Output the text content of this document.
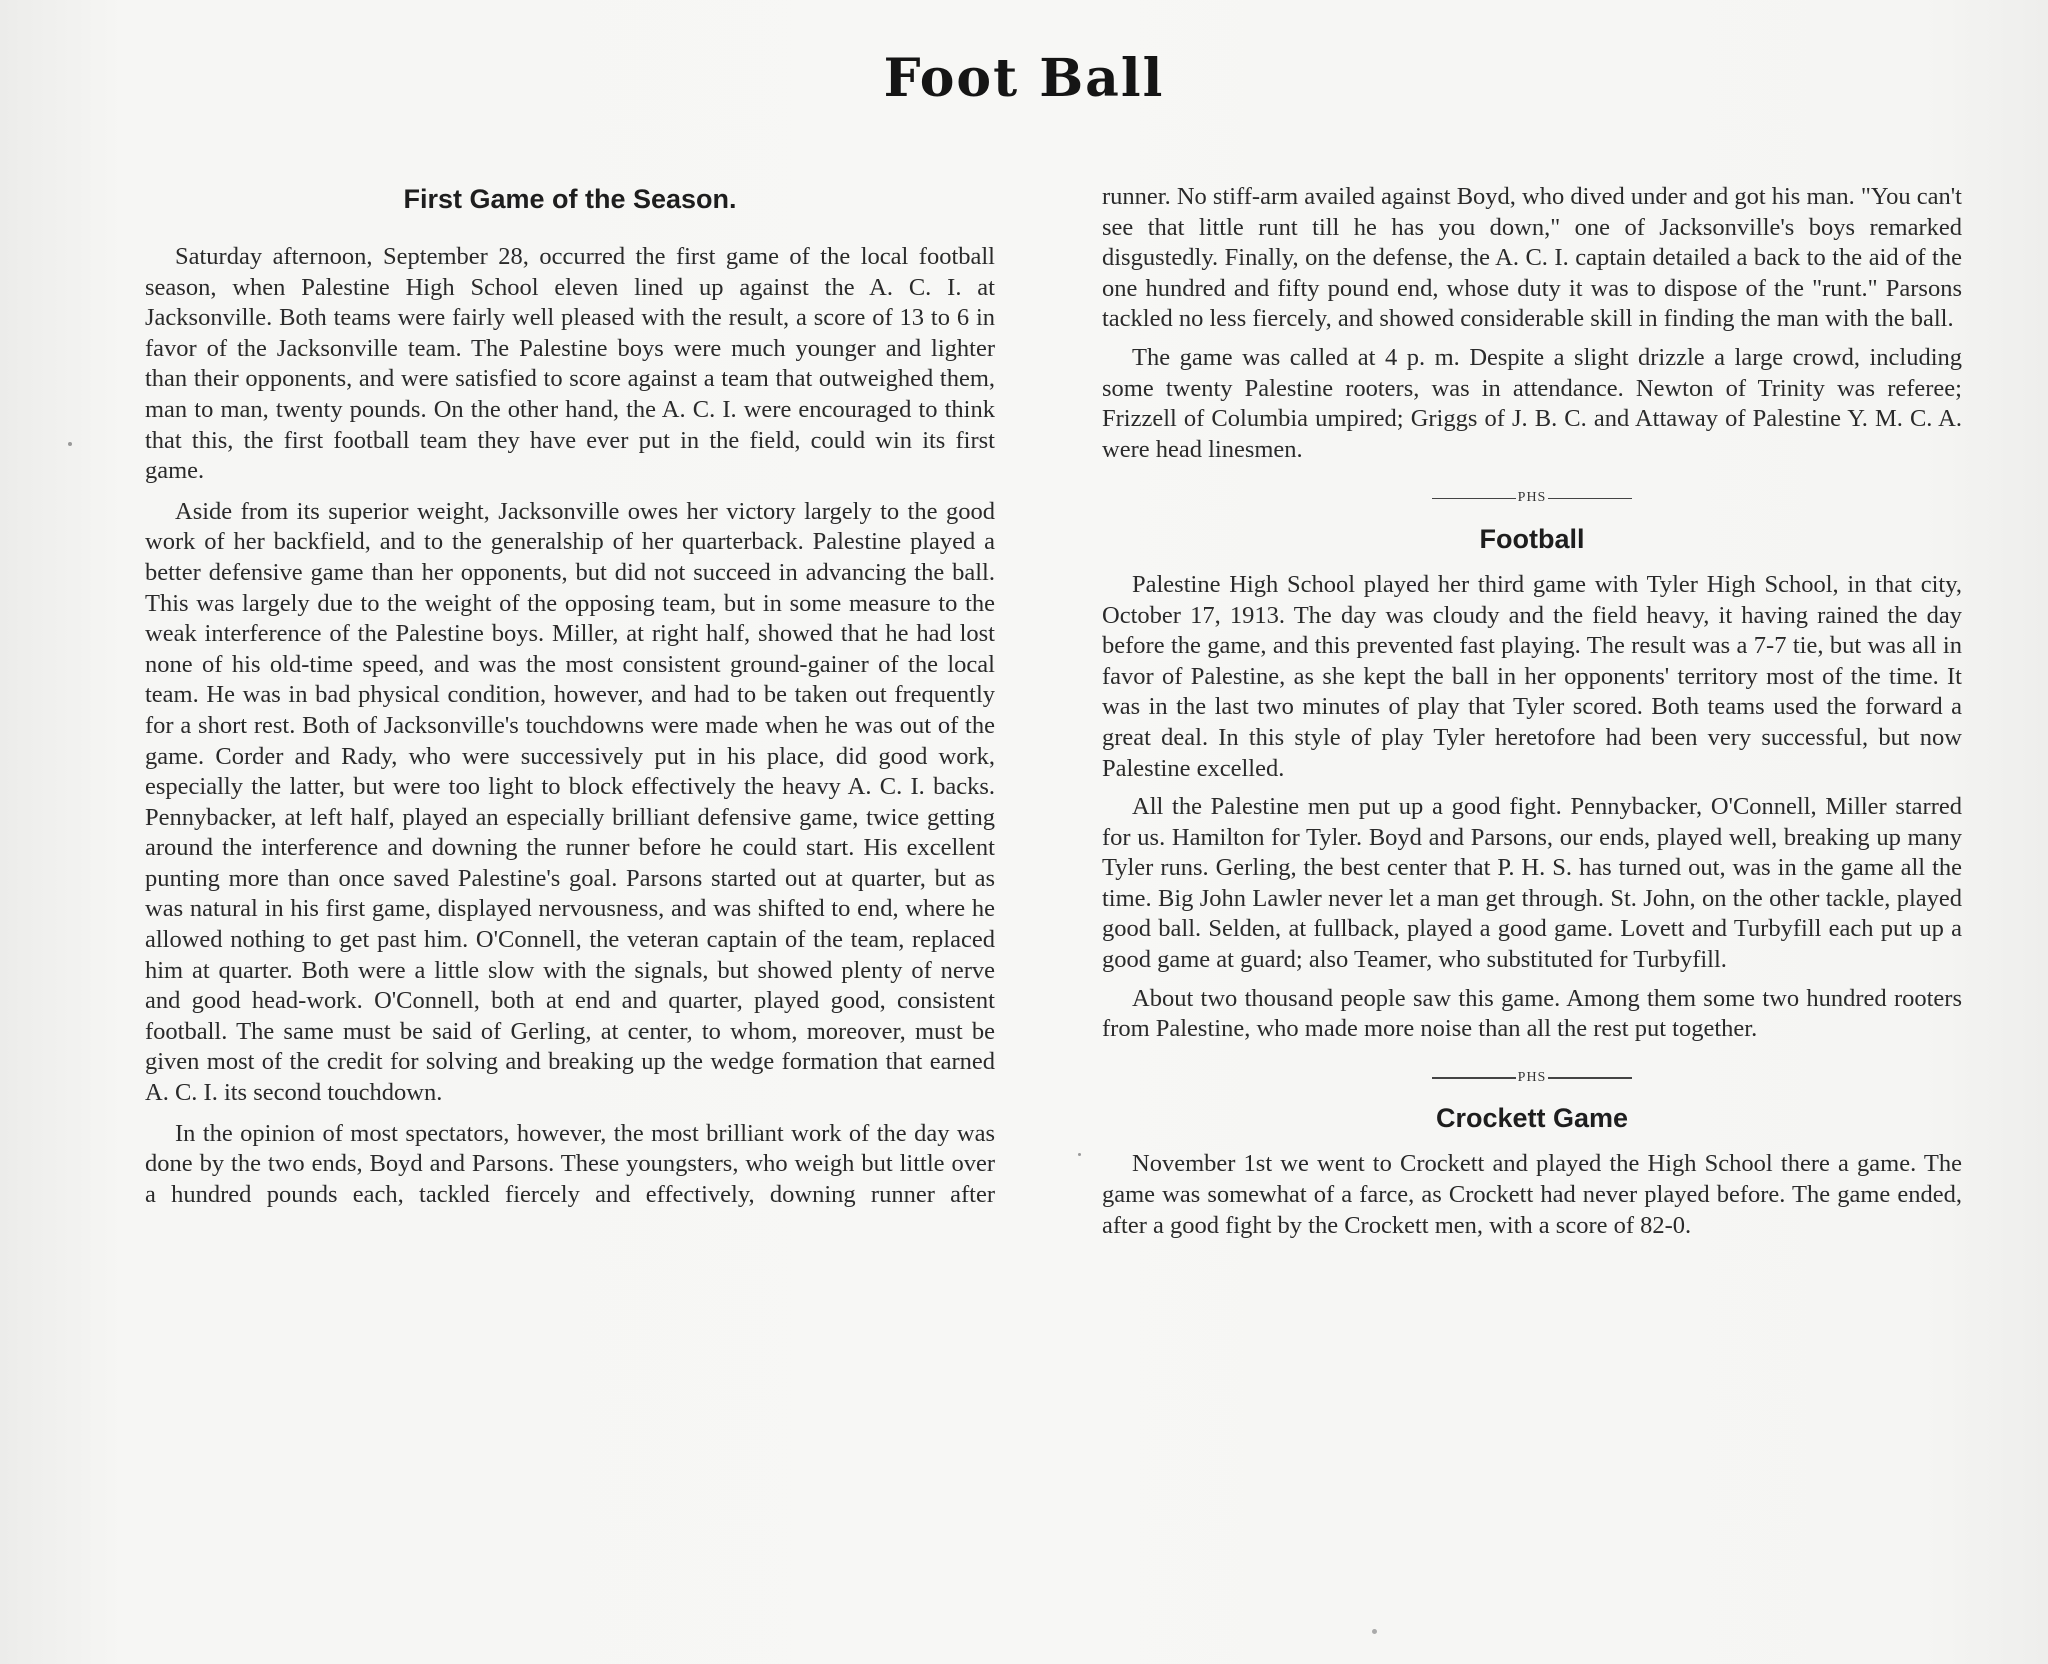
Foot Ball
First Game of the Season.

Saturday afternoon, September 28, occurred the first game of the local football season, when Palestine High School eleven lined up against the A. C. I. at Jacksonville. Both teams were fairly well pleased with the result, a score of 13 to 6 in favor of the Jacksonville team. The Palestine boys were much younger and lighter than their opponents, and were satisfied to score against a team that outweighed them, man to man, twenty pounds. On the other hand, the A. C. I. were encouraged to think that this, the first football team they have ever put in the field, could win its first game.

Aside from its superior weight, Jacksonville owes her victory largely to the good work of her backfield, and to the generalship of her quarterback. Palestine played a better defensive game than her opponents, but did not succeed in advancing the ball. This was largely due to the weight of the opposing team, but in some measure to the weak interference of the Palestine boys. Miller, at right half, showed that he had lost none of his old-time speed, and was the most consistent ground-gainer of the local team. He was in bad physical condition, however, and had to be taken out frequently for a short rest. Both of Jacksonville's touchdowns were made when he was out of the game. Corder and Rady, who were successively put in his place, did good work, especially the latter, but were too light to block effectively the heavy A. C. I. backs. Pennybacker, at left half, played an especially brilliant defensive game, twice getting around the interference and downing the runner before he could start. His excellent punting more than once saved Palestine's goal. Parsons started out at quarter, but as was natural in his first game, displayed nervousness, and was shifted to end, where he allowed nothing to get past him. O'Connell, the veteran captain of the team, replaced him at quarter. Both were a little slow with the signals, but showed plenty of nerve and good head-work. O'Connell, both at end and quarter, played good, consistent football. The same must be said of Gerling, at center, to whom, moreover, must be given most of the credit for solving and breaking up the wedge formation that earned A. C. I. its second touchdown.

In the opinion of most spectators, however, the most brilliant work of the day was done by the two ends, Boyd and Parsons. These youngsters, who weigh but little over a hundred pounds each, tackled fiercely and effectively, downing runner after

runner. No stiff-arm availed against Boyd, who dived under and got his man. "You can't see that little runt till he has you down," one of Jacksonville's boys remarked disgustedly. Finally, on the defense, the A. C. I. captain detailed a back to the aid of the one hundred and fifty pound end, whose duty it was to dispose of the "runt." Parsons tackled no less fiercely, and showed considerable skill in finding the man with the ball.

The game was called at 4 p. m. Despite a slight drizzle a large crowd, including some twenty Palestine rooters, was in attendance. Newton of Trinity was referee; Frizzell of Columbia umpired; Griggs of J. B. C. and Attaway of Palestine Y. M. C. A. were head linesmen.

PHS
Football

Palestine High School played her third game with Tyler High School, in that city, October 17, 1913. The day was cloudy and the field heavy, it having rained the day before the game, and this prevented fast playing. The result was a 7-7 tie, but was all in favor of Palestine, as she kept the ball in her opponents' territory most of the time. It was in the last two minutes of play that Tyler scored. Both teams used the forward a great deal. In this style of play Tyler heretofore had been very successful, but now Palestine excelled.

All the Palestine men put up a good fight. Pennybacker, O'Connell, Miller starred for us. Hamilton for Tyler. Boyd and Parsons, our ends, played well, breaking up many Tyler runs. Gerling, the best center that P. H. S. has turned out, was in the game all the time. Big John Lawler never let a man get through. St. John, on the other tackle, played good ball. Selden, at fullback, played a good game. Lovett and Turbyfill each put up a good game at guard; also Teamer, who substituted for Turbyfill.

About two thousand people saw this game. Among them some two hundred rooters from Palestine, who made more noise than all the rest put together.

PHS
Crockett Game

November 1st we went to Crockett and played the High School there a game. The game was somewhat of a farce, as Crockett had never played before. The game ended, after a good fight by the Crockett men, with a score of 82-0.
